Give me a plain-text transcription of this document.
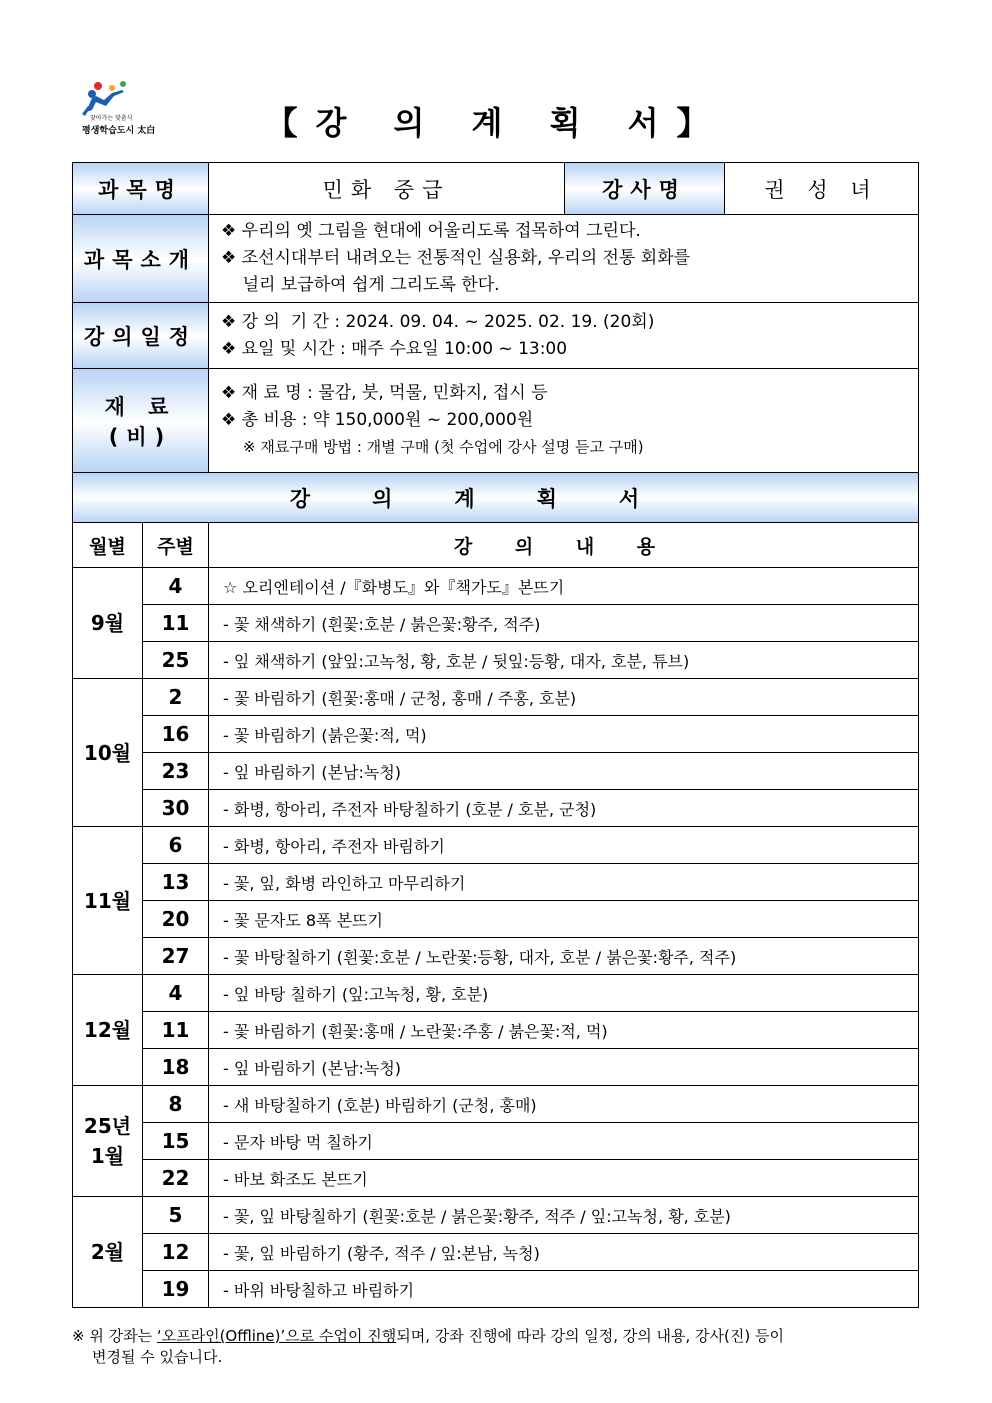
찾아가는 맞춤식
평생학습도시 太白	【강 의 계 획 서】
과목명		민화 중급	강사명	권 성 녀
과목소개		❖ 우리의 옛 그림을 현대에 어울리도록 접목하여 그린다.
❖ 조선시대부터 내려오는 전통적인 실용화, 우리의 전통 회화를
널리 보급하여 쉽게 그리도록 한다.		

강의일정		❖ 강 의  기 간 : 2024. 09. 04. ~ 2025. 02. 19. (20회)
❖ 요일 및 시간 : 매주 수요일 10:00 ~ 13:00		

재 료 (비)		❖ 재 료 명 : 물감, 붓, 먹물, 민화지, 접시 등
❖ 총 비용 : 약 150,000원 ~ 200,000원
※ 재료구매 방법 : 개별 구매 (첫 수업에 강사 설명 듣고 구매)		

강의계획서				
월별	주별	강 의 내 용		
9월	4	☆ 오리엔테이션 /『화병도』와『책가도』본뜨기		
	11	- 꽃 채색하기 (흰꽃:호분 / 붉은꽃:황주, 적주)		
	25	- 잎 채색하기 (앞잎:고녹청, 황, 호분 / 뒷잎:등황, 대자, 호분, 튜브)		
10월	2	- 꽃 바림하기 (흰꽃:홍매 / 군청, 홍매 / 주홍, 호분)		
	16	- 꽃 바림하기 (붉은꽃:적, 먹)		
	23	- 잎 바림하기 (본남:녹청)		
	30	- 화병, 항아리, 주전자 바탕칠하기 (호분 / 호분, 군청)		
11월	6	- 화병, 항아리, 주전자 바림하기		
	13	- 꽃, 잎, 화병 라인하고 마무리하기		
	20	- 꽃 문자도 8폭 본뜨기		
	27	- 꽃 바탕칠하기 (흰꽃:호분 / 노란꽃:등황, 대자, 호분 / 붉은꽃:황주, 적주)		
12월	4	- 잎 바탕 칠하기 (잎:고녹청, 황, 호분)		
	11	- 꽃 바림하기 (흰꽃:홍매 / 노란꽃:주홍 / 붉은꽃:적, 먹)		
	18	- 잎 바림하기 (본남:녹청)		
25년
1월	8	- 새 바탕칠하기 (호분) 바림하기 (군청, 홍매)		
	15	- 문자 바탕 먹 칠하기		
	22	- 바보 화조도 본뜨기		
2월	5	- 꽃, 잎 바탕칠하기 (흰꽃:호분 / 붉은꽃:황주, 적주 / 잎:고녹청, 황, 호분)		
	12	- 꽃, 잎 바림하기 (황주, 적주 / 잎:본남, 녹청)		
	19	- 바위 바탕칠하고 바림하기		
※ 위 강좌는 ‘오프라인(Offline)’으로 수업이 진행되며, 강좌 진행에 따라 강의 일정, 강의 내용, 강사(진) 등이
변경될 수 있습니다.
